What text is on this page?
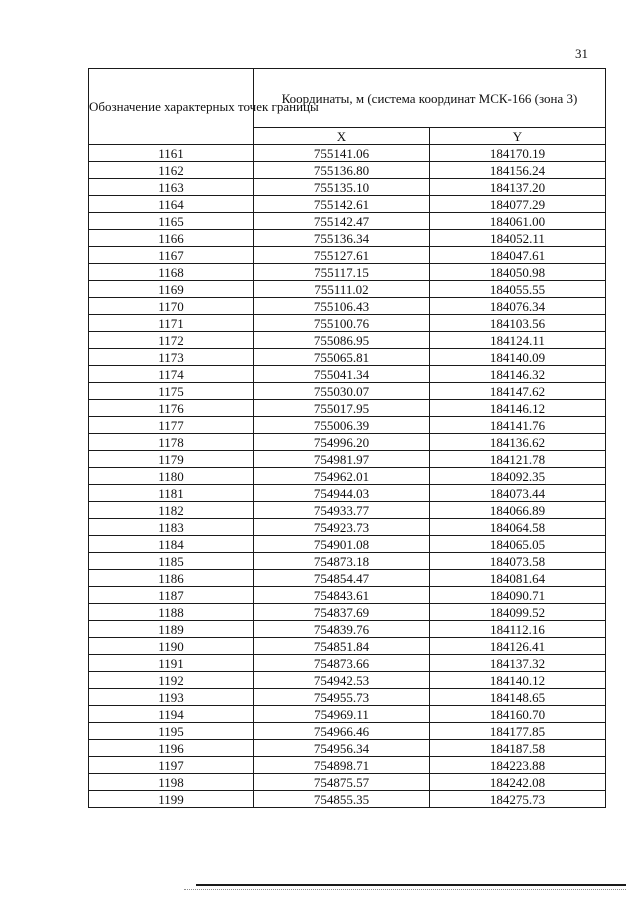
31
Обозначение характерных точек границы	Координаты, м (система координат МСК-166 (зона 3)	
	X	Y
1161	755141.06	184170.19
1162	755136.80	184156.24
1163	755135.10	184137.20
1164	755142.61	184077.29
1165	755142.47	184061.00
1166	755136.34	184052.11
1167	755127.61	184047.61
1168	755117.15	184050.98
1169	755111.02	184055.55
1170	755106.43	184076.34
1171	755100.76	184103.56
1172	755086.95	184124.11
1173	755065.81	184140.09
1174	755041.34	184146.32
1175	755030.07	184147.62
1176	755017.95	184146.12
1177	755006.39	184141.76
1178	754996.20	184136.62
1179	754981.97	184121.78
1180	754962.01	184092.35
1181	754944.03	184073.44
1182	754933.77	184066.89
1183	754923.73	184064.58
1184	754901.08	184065.05
1185	754873.18	184073.58
1186	754854.47	184081.64
1187	754843.61	184090.71
1188	754837.69	184099.52
1189	754839.76	184112.16
1190	754851.84	184126.41
1191	754873.66	184137.32
1192	754942.53	184140.12
1193	754955.73	184148.65
1194	754969.11	184160.70
1195	754966.46	184177.85
1196	754956.34	184187.58
1197	754898.71	184223.88
1198	754875.57	184242.08
1199	754855.35	184275.73
